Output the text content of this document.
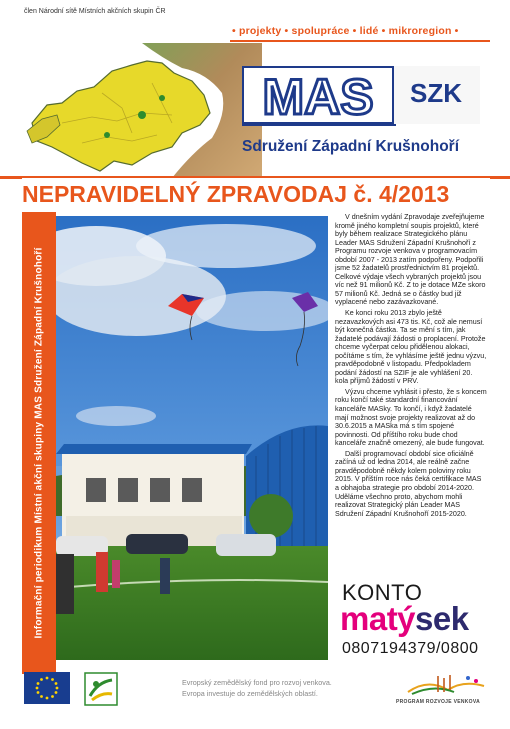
člen Národní sítě Místních akčních skupin ČR
• projekty • spolupráce • lidé • mikroregion •
MAS SZK
Sdružení Západní Krušnohoří
NEPRAVIDELNÝ ZPRAVODAJ č. 4/2013
Informační periodikum Místní akční skupiny MAS Sdružení Západní Krušnohoří

V dnešním vydání Zpravodaje zveřejňujeme kromě jiného kompletní soupis projektů, které byly během realizace Strategického plánu Leader MAS Sdružení Západní Krušnohoří z Programu rozvoje venkova v programovacím období 2007 - 2013 zatím podpořeny. Podpořili jsme 52 žadatelů prostřednictvím 81 projektů. Celkové výdaje všech vybraných projektů jsou víc než 91 milionů Kč. Z to je dotace MZe skoro 57 milionů Kč. Jedná se o částky bud již vyplacené nebo zazávazkované.

Ke konci roku 2013 zbylo ještě nezavazkových asi 473 tis. Kč, což ale nemusí být konečná částka. Ta se mění s tím, jak žadatelé podávají žádosti o proplacení. Protože chceme vyčerpat celou přidělenou alokaci, počítáme s tím, že vyhlásíme ještě jednu výzvu, pravděpodobně v listopadu. Předpokladem podání žádostí na SZIF je ale vyhlášení 20. kola příjmů žádostí v PRV.

Výzvu chceme vyhlásit i přesto, že s koncem roku končí také standardní financování kanceláře MASky. To končí, i když žadatelé mají možnost svoje projekty realizovat až do 30.6.2015 a MASka má s tím spojené povinnosti. Od příštího roku bude chod kanceláře značně omezený, ale bude fungovat.

Další programovací období sice oficiálně začíná už od ledna 2014, ale reálně začne pravděpodobně někdy kolem poloviny roku 2015. V příštím roce nás čeká certifikace MAS a obhajoba strategie pro období 2014-2020. Uděláme všechno proto, abychom mohli realizovat Strategický plán Leader MAS Sdružení Západní Krušnohoří 2015-2020.

KONTO
matýsek
0807194379/0800
Evropský zemědělský fond pro rozvoj venkova.
Evropa investuje do zemědělských oblastí.
PROGRAM ROZVOJE VENKOVA
